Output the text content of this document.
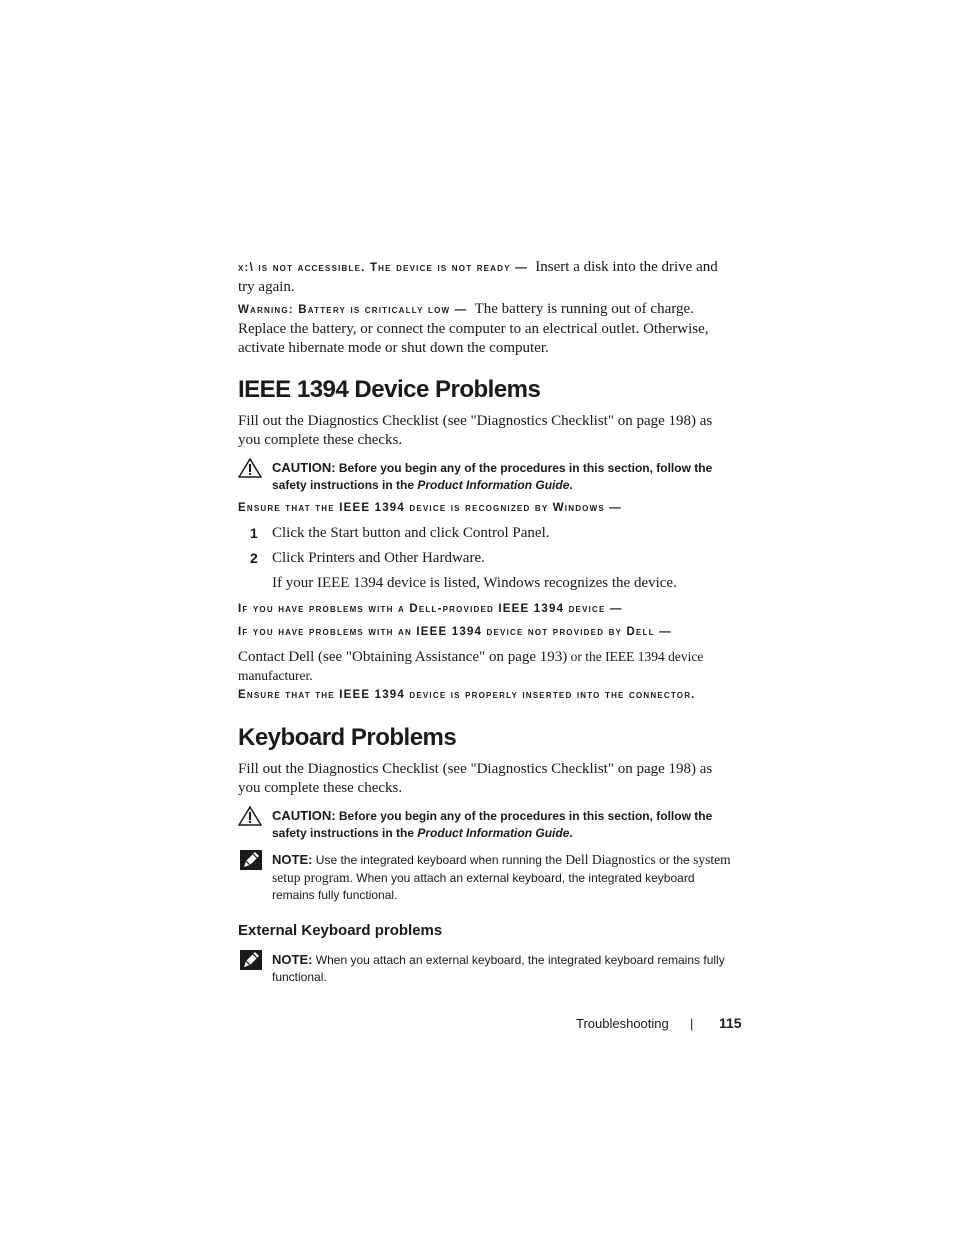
x:\ is not accessible. The device is not ready — Insert a disk into the drive and try again.
Warning: Battery is critically low — The battery is running out of charge. Replace the battery, or connect the computer to an electrical outlet. Otherwise, activate hibernate mode or shut down the computer.
IEEE 1394 Device Problems
Fill out the Diagnostics Checklist (see "Diagnostics Checklist" on page 198) as you complete these checks.
CAUTION: Before you begin any of the procedures in this section, follow the safety instructions in the Product Information Guide.
Ensure that the IEEE 1394 device is recognized by Windows —
1 Click the Start button and click Control Panel.
2 Click Printers and Other Hardware.
If your IEEE 1394 device is listed, Windows recognizes the device.
If you have problems with a Dell-provided IEEE 1394 device —
If you have problems with an IEEE 1394 device not provided by Dell —
Contact Dell (see "Obtaining Assistance" on page 193) or the IEEE 1394 device
manufacturer.
Ensure that the IEEE 1394 device is properly inserted into the connector.
Keyboard Problems
Fill out the Diagnostics Checklist (see "Diagnostics Checklist" on page 198) as you complete these checks.
CAUTION: Before you begin any of the procedures in this section, follow the safety instructions in the Product Information Guide.
NOTE: Use the integrated keyboard when running the Dell Diagnostics or the system setup program. When you attach an external keyboard, the integrated keyboard remains fully functional.
External Keyboard problems
NOTE: When you attach an external keyboard, the integrated keyboard remains fully functional.
Troubleshooting | 115
